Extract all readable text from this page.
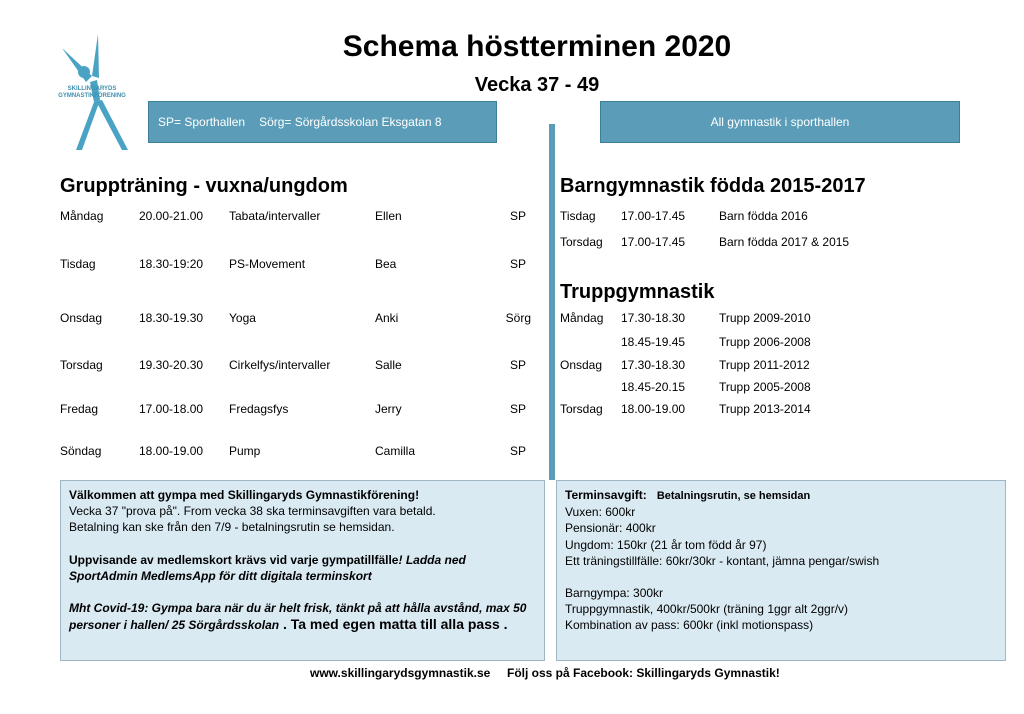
SKILLINGARYDS
GYMNASTIKFÖRENING
Schema höstterminen 2020
Vecka 37 - 49
SP= Sporthallen Sörg= Sörgårdsskolan Eksgatan 8	All gymnastik i sporthallen
Gruppträning - vuxna/ungdom
Måndag	20.00-21.00 Tabata/intervaller	Ellen	SP
Tisdag	18.30-19:20 PS-Movement	Bea	SP
Onsdag	18.30-19.30 Yoga	Anki	Sörg
Torsdag	19.30-20.30 Cirkelfys/intervaller	Salle	SP
Fredag	17.00-18.00 Fredagsfys	Jerry	SP
Söndag	18.00-19.00 Pump	Camilla	SP
Barngymnastik födda 2015-2017
Tisdag 17.00-17.45	Barn födda 2016
Torsdag 17.00-17.45	Barn födda 2017 & 2015
Truppgymnastik
Måndag 17.30-18.30	Trupp 2009-2010
18.45-19.45	Trupp 2006-2008
Onsdag 17.30-18.30	Trupp 2011-2012
18.45-20.15	Trupp 2005-2008
Torsdag 18.00-19.00	Trupp 2013-2014

Välkommen att gympa med Skillingaryds Gymnastikförening!

Vecka 37 "prova på". From vecka 38 ska terminsavgiften vara betald.

Betalning kan ske från den 7/9 - betalningsrutin se hemsidan.

Uppvisande av medlemskort krävs vid varje gympatillfälle! Ladda ned SportAdmin MedlemsApp för ditt digitala terminskort

Mht Covid-19: Gympa bara när du är helt frisk, tänkt på att hålla avstånd, max 50 personer i hallen/ 25 Sörgårdsskolan . Ta med egen matta till alla pass .

Terminsavgift: Betalningsrutin, se hemsidan

Vuxen: 600kr

Pensionär: 400kr

Ungdom: 150kr (21 år tom född år 97)

Ett träningstillfälle: 60kr/30kr - kontant, jämna pengar/swish

Barngympa: 300kr

Truppgymnastik, 400kr/500kr (träning 1ggr alt 2ggr/v)

Kombination av pass: 600kr (inkl motionspass)

www.skillingarydsgymnastik.se Följ oss på Facebook: Skillingaryds Gymnastik!
